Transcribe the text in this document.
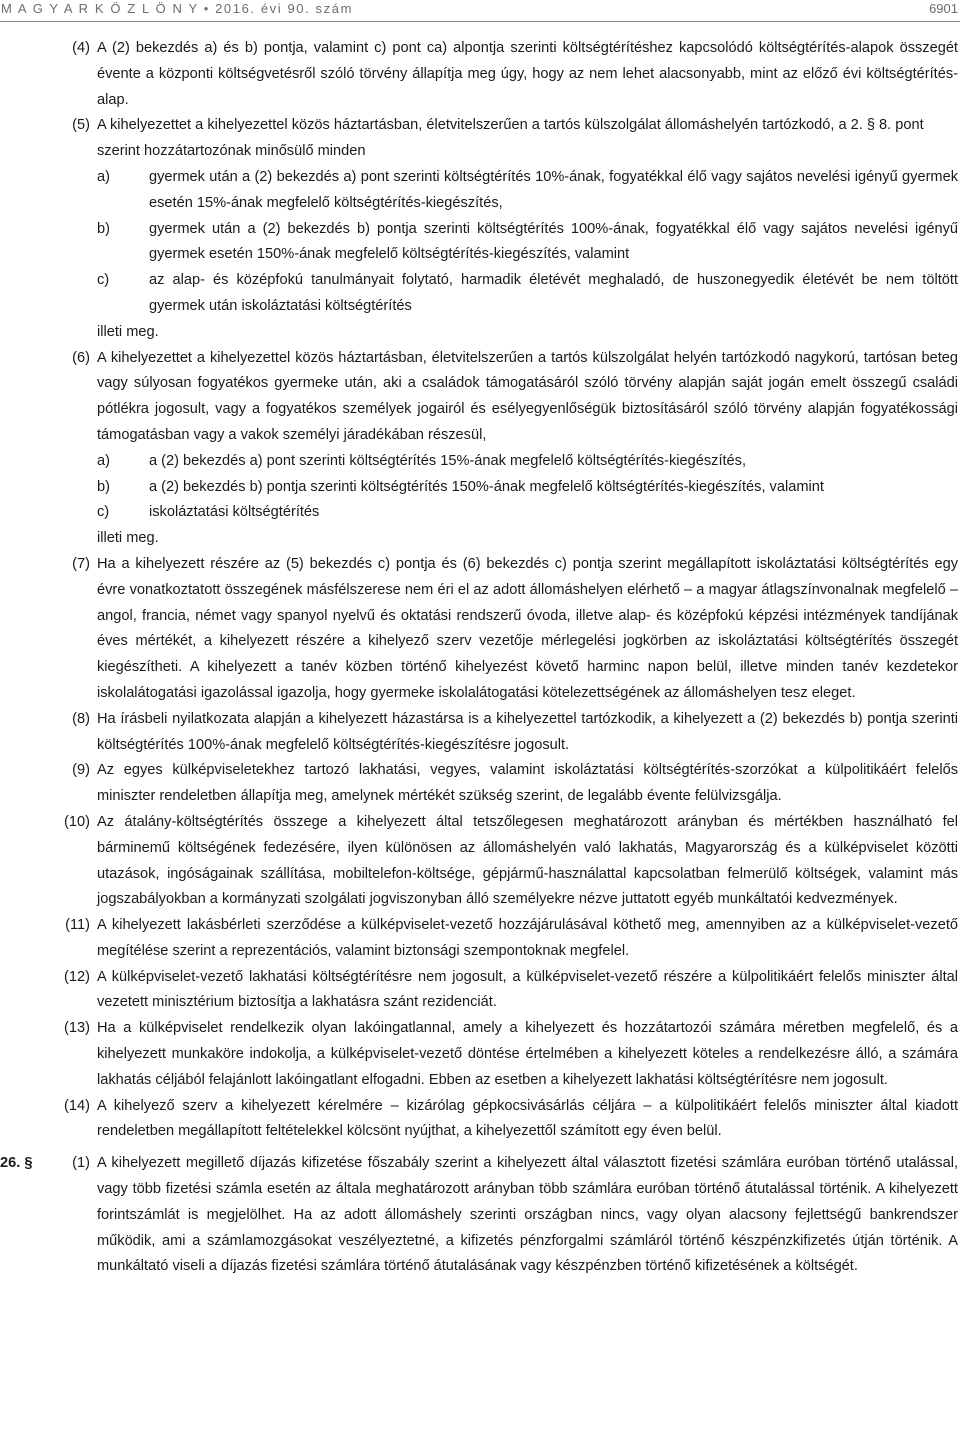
M A G Y A R K Ö Z L Ö N Y • 2016. évi 90. szám	6901

(4) A (2) bekezdés a) és b) pontja, valamint c) pont ca) alpontja szerinti költségtérítéshez kapcsolódó költségtérítés-alapok összegét évente a központi költségvetésről szóló törvény állapítja meg úgy, hogy az nem lehet alacsonyabb, mint az előző évi költségtérítés-alap.

(5) A kihelyezettet a kihelyezettel közös háztartásban, életvitelszerűen a tartós külszolgálat állomáshelyén tartózkodó, a 2. § 8. pont szerint hozzátartozónak minősülő minden

a)	gyermek után a (2) bekezdés a) pont szerinti költségtérítés 10%-ának, fogyatékkal élő vagy sajátos nevelési igényű gyermek esetén 15%-ának megfelelő költségtérítés-kiegészítés,

b)	gyermek után a (2) bekezdés b) pontja szerinti költségtérítés 100%-ának, fogyatékkal élő vagy sajátos nevelési igényű gyermek esetén 150%-ának megfelelő költségtérítés-kiegészítés, valamint

c)	az alap- és középfokú tanulmányait folytató, harmadik életévét meghaladó, de huszonegyedik életévét be nem töltött gyermek után iskoláztatási költségtérítés

illeti meg.

(6) A kihelyezettet a kihelyezettel közös háztartásban, életvitelszerűen a tartós külszolgálat helyén tartózkodó nagykorú, tartósan beteg vagy súlyosan fogyatékos gyermeke után, aki a családok támogatásáról szóló törvény alapján saját jogán emelt összegű családi pótlékra jogosult, vagy a fogyatékos személyek jogairól és esélyegyenlőségük biztosításáról szóló törvény alapján fogyatékossági támogatásban vagy a vakok személyi járadékában részesül,

a)	a (2) bekezdés a) pont szerinti költségtérítés 15%-ának megfelelő költségtérítés-kiegészítés,

b)	a (2) bekezdés b) pontja szerinti költségtérítés 150%-ának megfelelő költségtérítés-kiegészítés, valamint

c)	iskoláztatási költségtérítés

illeti meg.

(7) Ha a kihelyezett részére az (5) bekezdés c) pontja és (6) bekezdés c) pontja szerint megállapított iskoláztatási költségtérítés egy évre vonatkoztatott összegének másfélszerese nem éri el az adott állomáshelyen elérhető – a magyar átlagszínvonalnak megfelelő – angol, francia, német vagy spanyol nyelvű és oktatási rendszerű óvoda, illetve alap- és középfokú képzési intézmények tandíjának éves mértékét, a kihelyezett részére a kihelyező szerv vezetője mérlegelési jogkörben az iskoláztatási költségtérítés összegét kiegészítheti. A kihelyezett a tanév közben történő kihelyezést követő harminc napon belül, illetve minden tanév kezdetekor iskolalátogatási igazolással igazolja, hogy gyermeke iskolalátogatási kötelezettségének az állomáshelyen tesz eleget.

(8) Ha írásbeli nyilatkozata alapján a kihelyezett házastársa is a kihelyezettel tartózkodik, a kihelyezett a (2) bekezdés b) pontja szerinti költségtérítés 100%-ának megfelelő költségtérítés-kiegészítésre jogosult.

(9) Az egyes külképviseletekhez tartozó lakhatási, vegyes, valamint iskoláztatási költségtérítés-szorzókat a külpolitikáért felelős miniszter rendeletben állapítja meg, amelynek mértékét szükség szerint, de legalább évente felülvizsgálja.

(10) Az átalány-költségtérítés összege a kihelyezett által tetszőlegesen meghatározott arányban és mértékben használható fel bárminemű költségének fedezésére, ilyen különösen az állomáshelyén való lakhatás, Magyarország és a külképviselet közötti utazások, ingóságainak szállítása, mobiltelefon-költsége, gépjármű-használattal kapcsolatban felmerülő költségek, valamint más jogszabályokban a kormányzati szolgálati jogviszonyban álló személyekre nézve juttatott egyéb munkáltatói kedvezmények.

(11) A kihelyezett lakásbérleti szerződése a külképviselet-vezető hozzájárulásával köthető meg, amennyiben az a külképviselet-vezető megítélése szerint a reprezentációs, valamint biztonsági szempontoknak megfelel.

(12) A külképviselet-vezető lakhatási költségtérítésre nem jogosult, a külképviselet-vezető részére a külpolitikáért felelős miniszter által vezetett minisztérium biztosítja a lakhatásra szánt rezidenciát.

(13) Ha a külképviselet rendelkezik olyan lakóingatlannal, amely a kihelyezett és hozzátartozói számára méretben megfelelő, és a kihelyezett munkaköre indokolja, a külképviselet-vezető döntése értelmében a kihelyezett köteles a rendelkezésre álló, a számára lakhatás céljából felajánlott lakóingatlant elfogadni. Ebben az esetben a kihelyezett lakhatási költségtérítésre nem jogosult.

(14) A kihelyező szerv a kihelyezett kérelmére – kizárólag gépkocsivásárlás céljára – a külpolitikáért felelős miniszter által kiadott rendeletben megállapított feltételekkel kölcsönt nyújthat, a kihelyezettől számított egy éven belül.

26. §	(1) A kihelyezett megillető díjazás kifizetése főszabály szerint a kihelyezett által választott fizetési számlára euróban történő utalással, vagy több fizetési számla esetén az általa meghatározott arányban több számlára euróban történő átutalással történik. A kihelyezett forintszámlát is megjelölhet. Ha az adott állomáshely szerinti országban nincs, vagy olyan alacsony fejlettségű bankrendszer működik, ami a számlamozgásokat veszélyeztetné, a kifizetés pénzforgalmi számláról történő készpénzkifizetés útján történik. A munkáltató viseli a díjazás fizetési számlára történő átutalásának vagy készpénzben történő kifizetésének a költségét.
